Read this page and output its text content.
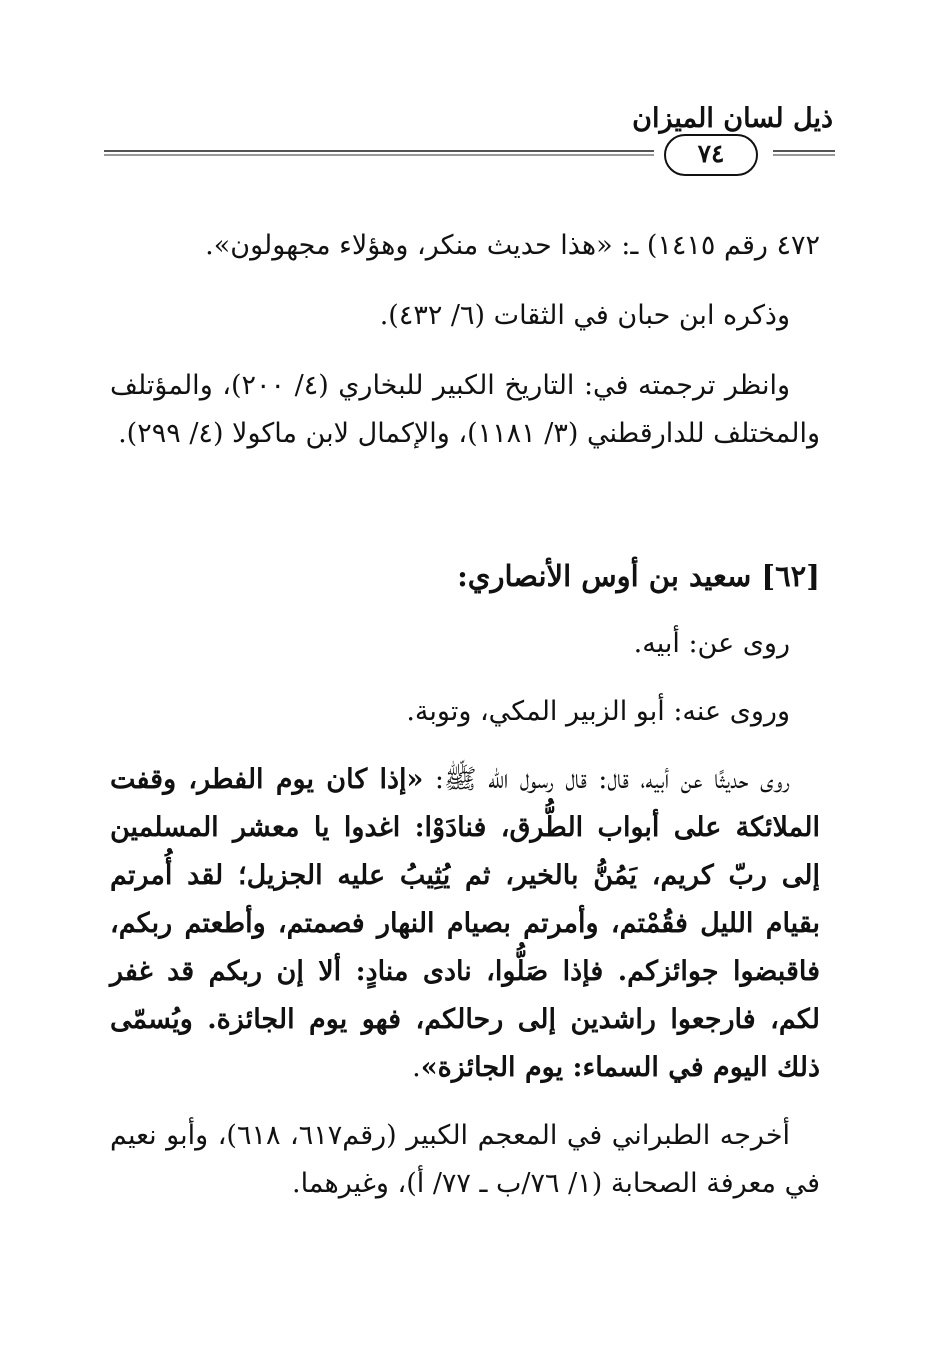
ذيل لسان الميزان
٧٤

٤٧٢ رقم ١٤١٥) ـ: «هذا حديث منكر، وهؤلاء مجهولون».

وذكره ابن حبان في الثقات (٦/ ٤٣٢).

وانظر ترجمته في: التاريخ الكبير للبخاري (٤/ ٢٠٠)، والمؤتلف والمختلف للدارقطني (٣/ ١١٨١)، والإكمال لابن ماكولا (٤/ ٢٩٩).

[٦٢] سعيد بن أوس الأنصاري:

روى عن: أبيه.

وروى عنه: أبو الزبير المكي، وتوبة.

روى حديثًا عن أبيه، قال: قال رسول الله ﷺ: «إذا كان يوم الفطر، وقفت الملائكة على أبواب الطُّرق، فنادَوْا: اغدوا يا معشر المسلمين إلى ربّ كريم، يَمُنُّ بالخير، ثم يُثِيبُ عليه الجزيل؛ لقد أُمرتم بقيام الليل فقُمْتم، وأمرتم بصيام النهار فصمتم، وأطعتم ربكم، فاقبضوا جوائزكم. فإذا صَلُّوا، نادى منادٍ: ألا إن ربكم قد غفر لكم، فارجعوا راشدين إلى رحالكم، فهو يوم الجائزة. ويُسمّى ذلك اليوم في السماء: يوم الجائزة».

أخرجه الطبراني في المعجم الكبير (رقم٦١٧، ٦١٨)، وأبو نعيم في معرفة الصحابة (١/ ٧٦/ب ـ ٧٧/ أ)، وغيرهما.
